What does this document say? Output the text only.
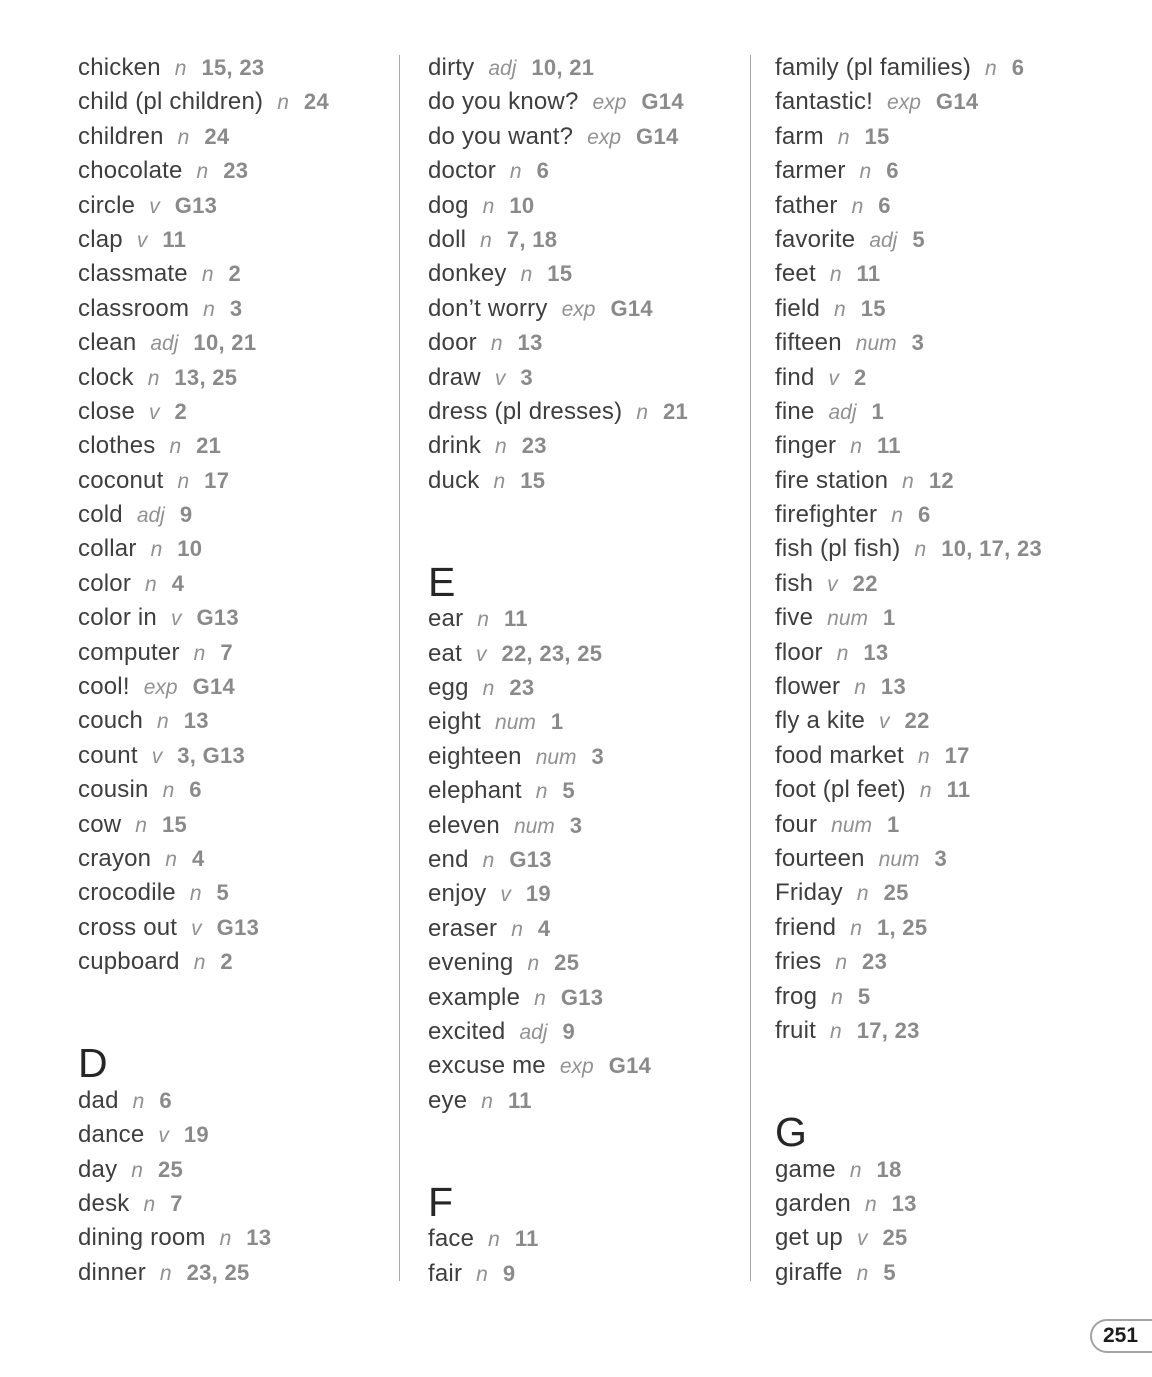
chicken n 15, 23
child (pl children) n 24
children n 24
chocolate n 23
circle v G13
clap v 11
classmate n 2
classroom n 3
clean adj 10, 21
clock n 13, 25
close v 2
clothes n 21
coconut n 17
cold adj 9
collar n 10
color n 4
color in v G13
computer n 7
cool! exp G14
couch n 13
count v 3, G13
cousin n 6
cow n 15
crayon n 4
crocodile n 5
cross out v G13
cupboard n 2
D
dad n 6
dance v 19
day n 25
desk n 7
dining room n 13
dinner n 23, 25
dirty adj 10, 21
do you know? exp G14
do you want? exp G14
doctor n 6
dog n 10
doll n 7, 18
donkey n 15
don’t worry exp G14
door n 13
draw v 3
dress (pl dresses) n 21
drink n 23
duck n 15
E
ear n 11
eat v 22, 23, 25
egg n 23
eight num 1
eighteen num 3
elephant n 5
eleven num 3
end n G13
enjoy v 19
eraser n 4
evening n 25
example n G13
excited adj 9
excuse me exp G14
eye n 11
F
face n 11
fair n 9
family (pl families) n 6
fantastic! exp G14
farm n 15
farmer n 6
father n 6
favorite adj 5
feet n 11
field n 15
fifteen num 3
find v 2
fine adj 1
finger n 11
fire station n 12
firefighter n 6
fish (pl fish) n 10, 17, 23
fish v 22
five num 1
floor n 13
flower n 13
fly a kite v 22
food market n 17
foot (pl feet) n 11
four num 1
fourteen num 3
Friday n 25
friend n 1, 25
fries n 23
frog n 5
fruit n 17, 23
G
game n 18
garden n 13
get up v 25
giraffe n 5
251
